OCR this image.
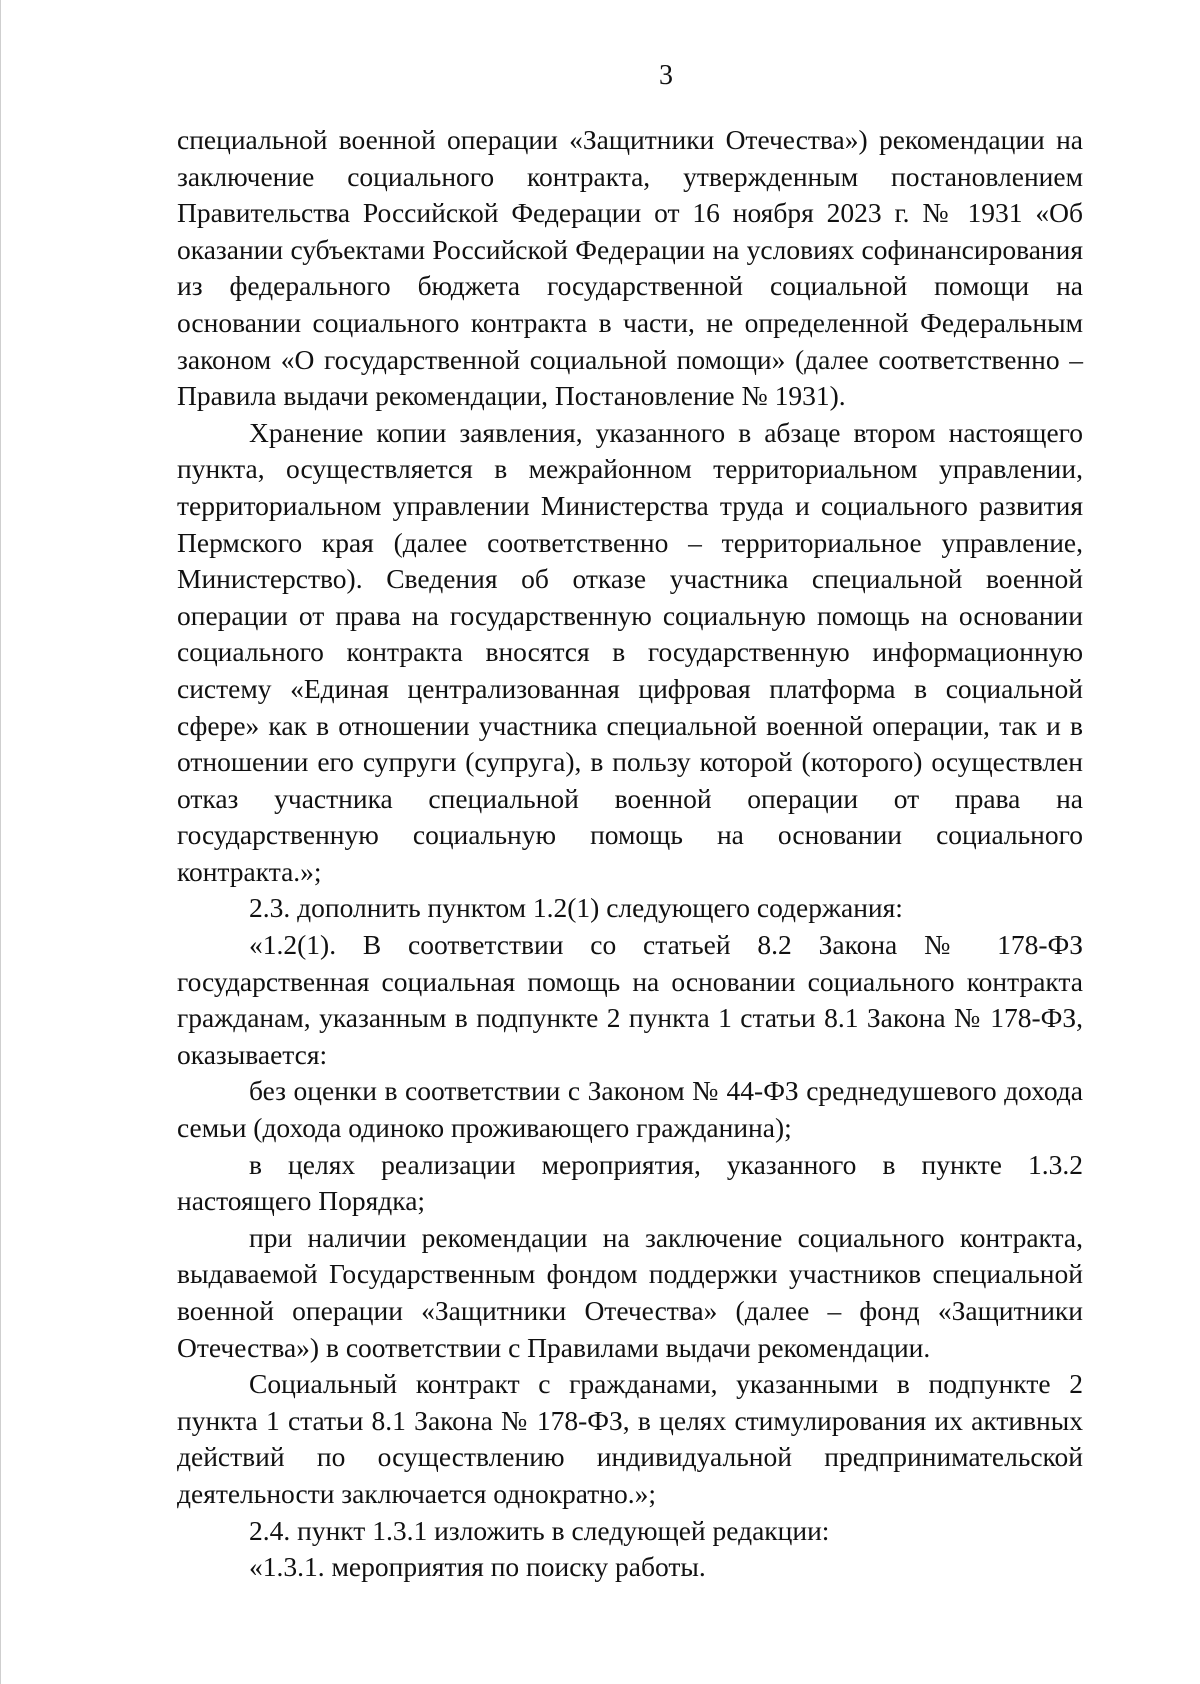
3

специальной военной операции «Защитники Отечества») рекомендации на заключение социального контракта, утвержденным постановлением Правительства Российской Федерации от 16 ноября 2023 г. № 1931 «Об оказании субъектами Российской Федерации на условиях софинансирования из федерального бюджета государственной социальной помощи на основании социального контракта в части, не определенной Федеральным законом «О государственной социальной помощи» (далее соответственно – Правила выдачи рекомендации, Постановление № 1931).

Хранение копии заявления, указанного в абзаце втором настоящего пункта, осуществляется в межрайонном территориальном управлении, территориальном управлении Министерства труда и социального развития Пермского края (далее соответственно – территориальное управление, Министерство). Сведения об отказе участника специальной военной операции от права на государственную социальную помощь на основании социального контракта вносятся в государственную информационную систему «Единая централизованная цифровая платформа в социальной сфере» как в отношении участника специальной военной операции, так и в отношении его супруги (супруга), в пользу которой (которого) осуществлен отказ участника специальной военной операции от права на государственную социальную помощь на основании социального контракта.»;

2.3. дополнить пунктом 1.2(1) следующего содержания:

«1.2(1). В соответствии со статьей 8.2 Закона № 178-ФЗ государственная социальная помощь на основании социального контракта гражданам, указанным в подпункте 2 пункта 1 статьи 8.1 Закона № 178-ФЗ, оказывается:

без оценки в соответствии с Законом № 44-ФЗ среднедушевого дохода семьи (дохода одиноко проживающего гражданина);

в целях реализации мероприятия, указанного в пункте 1.3.2 настоящего Порядка;

при наличии рекомендации на заключение социального контракта, выдаваемой Государственным фондом поддержки участников специальной военной операции «Защитники Отечества» (далее – фонд «Защитники Отечества») в соответствии с Правилами выдачи рекомендации.

Социальный контракт с гражданами, указанными в подпункте 2 пункта 1 статьи 8.1 Закона № 178-ФЗ, в целях стимулирования их активных действий по осуществлению индивидуальной предпринимательской деятельности заключается однократно.»;

2.4. пункт 1.3.1 изложить в следующей редакции:

«1.3.1. мероприятия по поиску работы.
